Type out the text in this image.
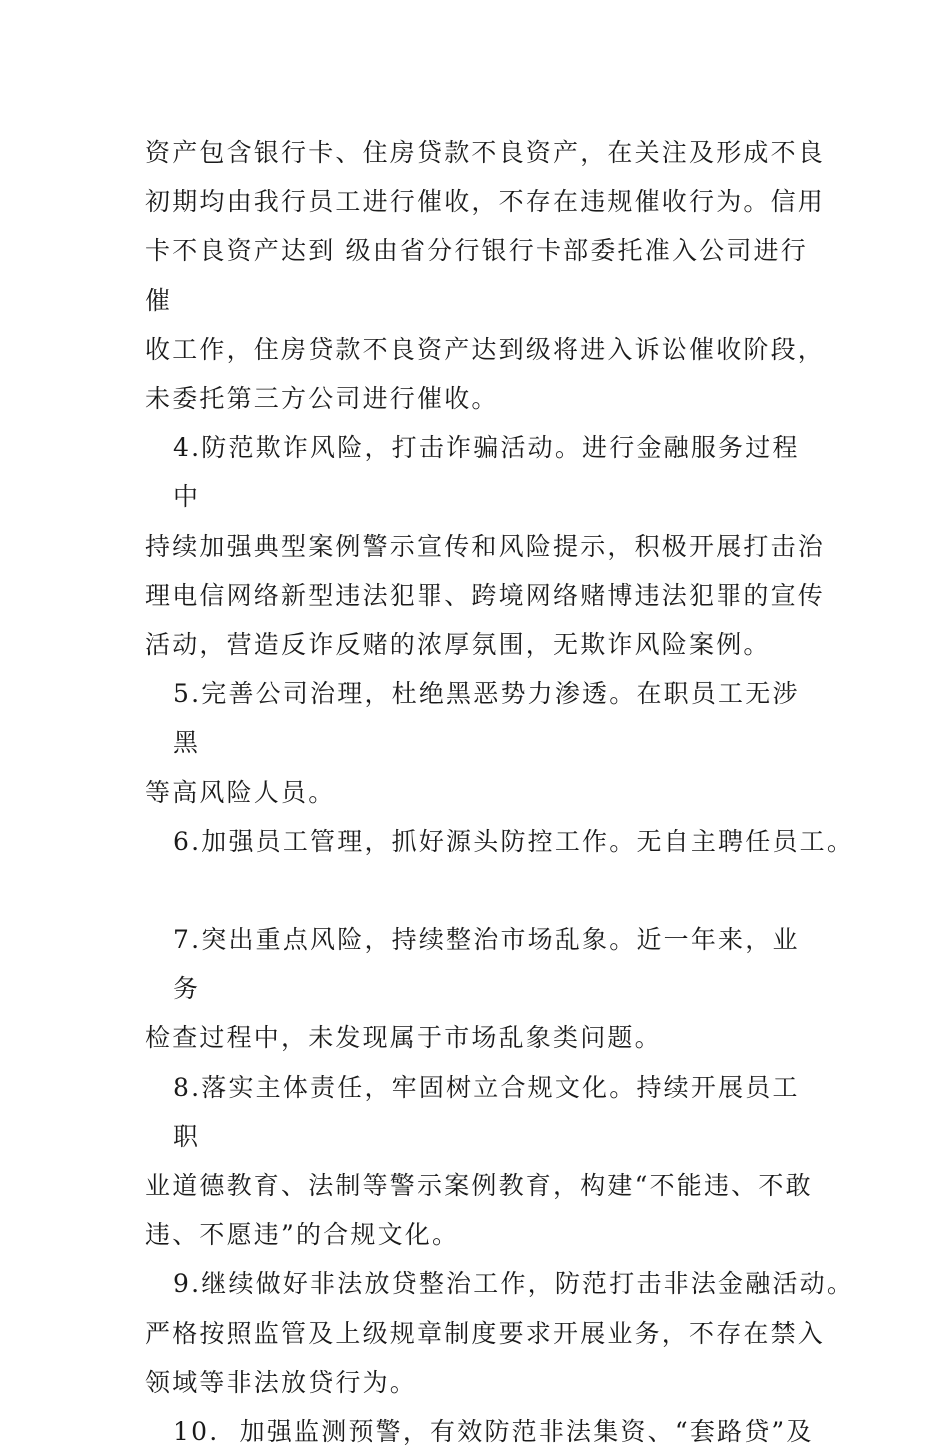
资产包含银行卡、住房贷款不良资产，在关注及形成不良
初期均由我行员工进行催收，不存在违规催收行为。信用
卡不良资产达到 级由省分行银行卡部委托准入公司进行催
收工作，住房贷款不良资产达到级将进入诉讼催收阶段，
未委托第三方公司进行催收。
4.防范欺诈风险，打击诈骗活动。进行金融服务过程中
持续加强典型案例警示宣传和风险提示，积极开展打击治
理电信网络新型违法犯罪、跨境网络赌博违法犯罪的宣传
活动，营造反诈反赌的浓厚氛围，无欺诈风险案例。
5.完善公司治理，杜绝黑恶势力渗透。在职员工无涉黑
等高风险人员。
6.加强员工管理，抓好源头防控工作。无自主聘任员工。
7.突出重点风险，持续整治市场乱象。近一年来，业务
检查过程中，未发现属于市场乱象类问题。
8.落实主体责任，牢固树立合规文化。持续开展员工职
业道德教育、法制等警示案例教育，构建“不能违、不敢
违、不愿违”的合规文化。
9.继续做好非法放贷整治工作，防范打击非法金融活动。
严格按照监管及上级规章制度要求开展业务，不存在禁入
领域等非法放贷行为。
10.  加强监测预警，有效防范非法集资、“套路贷”及
